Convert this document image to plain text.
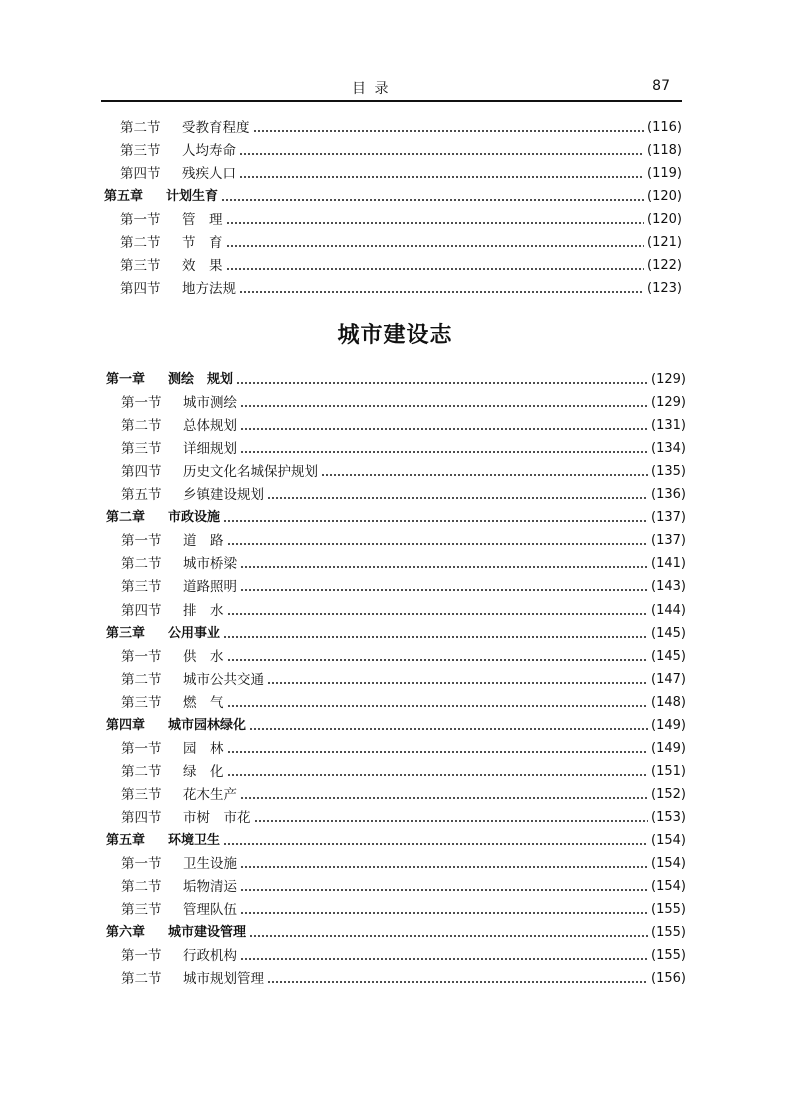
目 录	87
城市建设志
第二节	受教育程度	(116)
第三节	人均寿命	(118)
第四节	残疾人口	(119)
第五章	计划生育	(120)
第一节	管　理	(120)
第二节	节　育	(121)
第三节	效　果	(122)
第四节	地方法规	(123)
第一章	测绘　规划	(129)
第一节	城市测绘	(129)
第二节	总体规划	(131)
第三节	详细规划	(134)
第四节	历史文化名城保护规划	(135)
第五节	乡镇建设规划	(136)
第二章	市政设施	(137)
第一节	道　路	(137)
第二节	城市桥梁	(141)
第三节	道路照明	(143)
第四节	排　水	(144)
第三章	公用事业	(145)
第一节	供　水	(145)
第二节	城市公共交通	(147)
第三节	燃　气	(148)
第四章	城市园林绿化	(149)
第一节	园　林	(149)
第二节	绿　化	(151)
第三节	花木生产	(152)
第四节	市树　市花	(153)
第五章	环境卫生	(154)
第一节	卫生设施	(154)
第二节	垢物清运	(154)
第三节	管理队伍	(155)
第六章	城市建设管理	(155)
第一节	行政机构	(155)
第二节	城市规划管理	(156)
